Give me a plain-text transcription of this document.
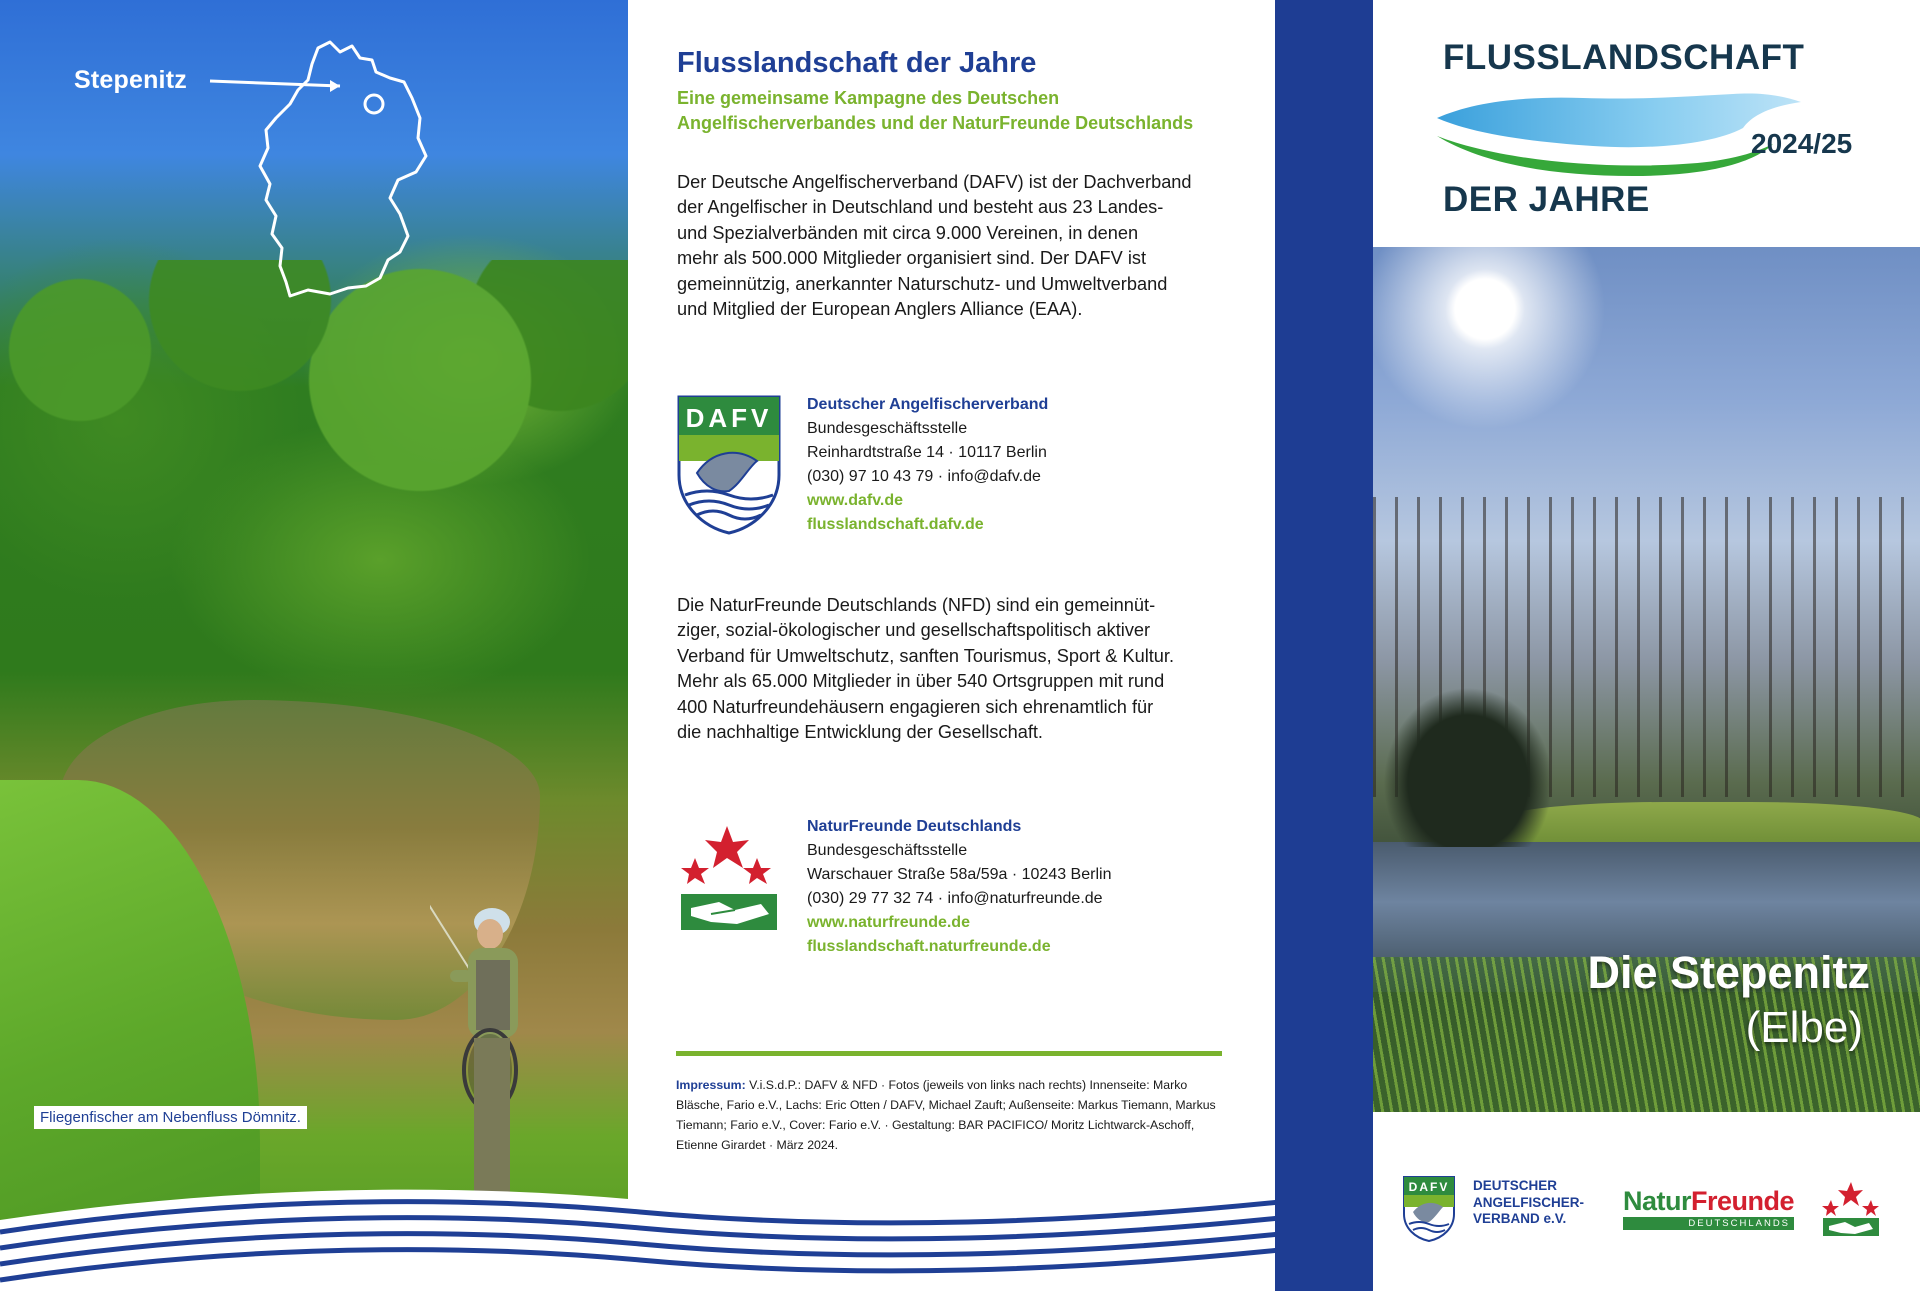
Stepenitz
Fliegenfischer am Nebenfluss Dömnitz.
Flusslandschaft der Jahre
Eine gemeinsame Kampagne des Deutschen
Angelfischerverbandes und der NaturFreunde Deutschlands
Der Deutsche Angelfischerverband (DAFV) ist der Dachverband
der Angelfischer in Deutschland und besteht aus 23 Landes-
und Spezialverbänden mit circa 9.000 Vereinen, in denen
mehr als 500.000 Mitglieder organisiert sind. Der DAFV ist
gemeinnützig, anerkannter Naturschutz- und Umweltverband
und Mitglied der European Anglers Alliance (EAA).
DAFV Deutscher Angelfischerverband
Bundesgeschäftsstelle
Reinhardtstraße 14 · 10117 Berlin
(030) 97 10 43 79 · info@dafv.de
www.dafv.de
flusslandschaft.dafv.de
Die NaturFreunde Deutschlands (NFD) sind ein gemeinnüt-
ziger, sozial-ökologischer und gesellschaftspolitisch aktiver
Verband für Umweltschutz, sanften Tourismus, Sport & Kultur.
Mehr als 65.000 Mitglieder in über 540 Ortsgruppen mit rund
400 Naturfreundehäusern engagieren sich ehrenamtlich für
die nachhaltige Entwicklung der Gesellschaft.
NaturFreunde Deutschlands
Bundesgeschäftsstelle
Warschauer Straße 58a/59a · 10243 Berlin
(030) 29 77 32 74 · info@naturfreunde.de
www.naturfreunde.de
flusslandschaft.naturfreunde.de
Impressum: V.i.S.d.P.: DAFV & NFD · Fotos (jeweils von links nach rechts) Innenseite: Marko Bläsche, Fario e.V., Lachs: Eric Otten / DAFV, Michael Zauft; Außenseite: Markus Tiemann, Markus Tiemann; Fario e.V., Cover: Fario e.V. · Gestaltung: BAR PACIFICO/ Moritz Lichtwarck-Aschoff, Etienne Girardet · März 2024.
FLUSSLANDSCHAFT
2024/25
DER JAHRE
Die Stepenitz
(Elbe)
DAFV DEUTSCHER
ANGELFISCHER-
VERBAND e.V.
NaturFreunde
DEUTSCHLANDS
